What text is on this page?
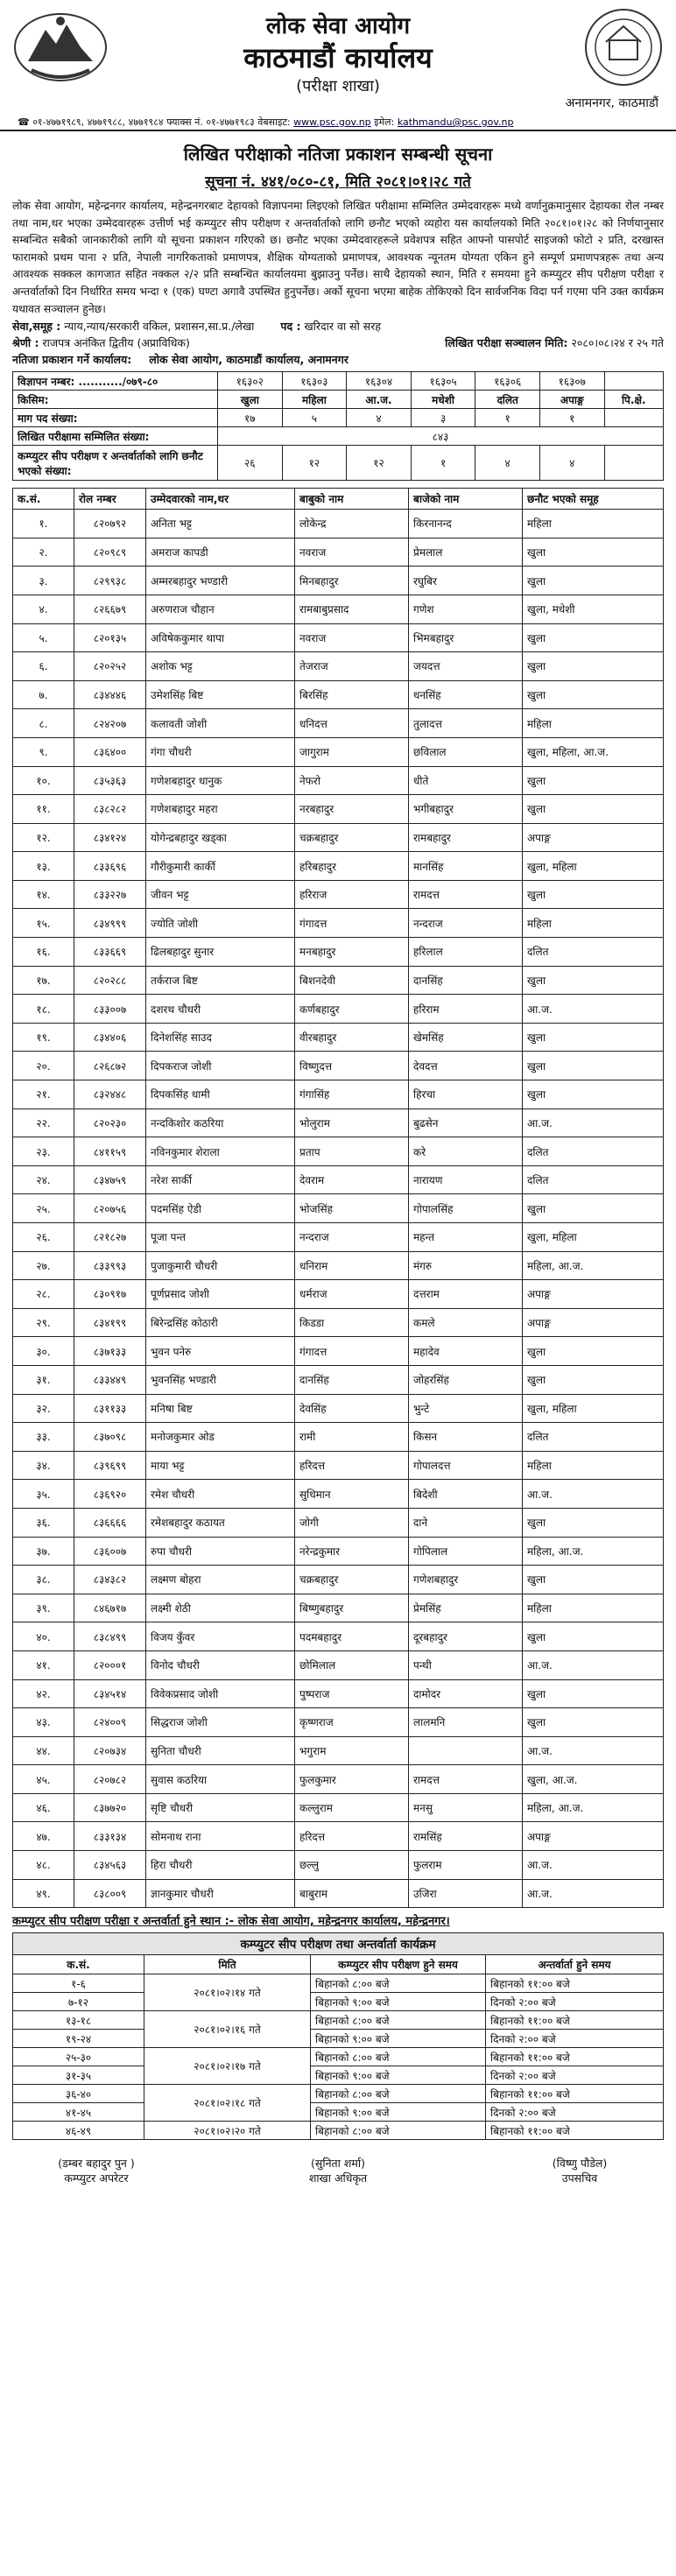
लोक सेवा आयोग
काठमाडौं कार्यालय
(परीक्षा शाखा)
अनामनगर, काठमाडौं
☎ ०१-४७७१९८९, ४७७१९८८, ४७७१९८४ फ्याक्स नं. ०१-४७७१९८३ वेबसाइट: www.psc.gov.np इमेल: kathmandu@psc.gov.np
लिखित परीक्षाको नतिजा प्रकाशन सम्बन्धी सूचना
सूचना नं. ४४१/०८०-८१, मिति २०८१।०१।२८ गते
लोक सेवा आयोग, महेन्द्रनगर कार्यालय, महेन्द्रनगरबाट देहायको विज्ञापनमा लिइएको लिखित परीक्षामा सम्मिलित उम्मेदवारहरू मध्ये वर्णानुक्रमानुसार देहायका रोल नम्बर तथा नाम,थर भएका उम्मेदवारहरू उत्तीर्ण भई कम्प्युटर सीप परीक्षण र अन्तर्वार्ताको लागि छनौट भएको व्यहोरा यस कार्यालयको मिति २०८१।०१।२८ को निर्णयानुसार सम्बन्धित सबैको जानकारीको लागि यो सूचना प्रकाशन गरिएको छ। छनौट भएका उम्मेदवारहरूले प्रवेशपत्र सहित आफ्नो पासपोर्ट साइजको फोटो २ प्रति, दरखास्त फारामको प्रथम पाना २ प्रति, नेपाली नागरिकताको प्रमाणपत्र, शैक्षिक योग्यताको प्रमाणपत्र, आवश्यक न्यूनतम योग्यता एकिन हुने सम्पूर्ण प्रमाणपत्रहरू तथा अन्य आवश्यक सक्कल कागजात सहित नक्कल २/२ प्रति सम्बन्धित कार्यालयमा बुझाउनु पर्नेछ। साथै देहायको स्थान, मिति र समयमा हुने कम्प्युटर सीप परीक्षण परीक्षा र अन्तर्वार्ताको दिन निर्धारित समय भन्दा १ (एक) घण्टा अगावै उपस्थित हुनुपर्नेछ। अर्को सूचना भएमा बाहेक तोकिएको दिन सार्वजनिक विदा पर्न गएमा पनि उक्त कार्यक्रम यथावत सञ्चालन हुनेछ।
सेवा,समूह : न्याय,न्याय/सरकारी वकिल, प्रशासन,सा.प्र./लेखा पद : खरिदार वा सो सरह
श्रेणी : राजपत्र अनंकित द्वितीय (अप्राविधिक)	लिखित परीक्षा सञ्चालन मिति: २०८०।०८।२४ र २५ गते
नतिजा प्रकाशन गर्ने कार्यालय: लोक सेवा आयोग, काठमाडौं कार्यालय, अनामनगर
विज्ञापन नम्बर: .........../०७९-८०	१६३०२	१६३०३	१६३०४	१६३०५	१६३०६	१६३०७	
किसिम:	खुला	महिला	आ.ज.	मधेशी	दलित	अपाङ्ग	पि.क्षे.
माग पद संख्या:	१७	५	४	३	१	१	
लिखित परीक्षामा सम्मिलित संख्या:	८४३						
कम्प्युटर सीप परीक्षण र अन्तर्वार्ताको लागि छनौट भएको संख्या:	२६	१२	१२	१	४	४	
क.सं.	रोल नम्बर	उम्मेदवारको नाम,थर	बाबुको नाम	बाजेको नाम	छनौट भएको समूह
१.	८२०७९२	अनिता भट्ट	लोकेन्द्र	किरनानन्द	महिला
२.	८२०९८९	अमराज कापडी	नवराज	प्रेमलाल	खुला
३.	८२९९३८	अम्मरबहादुर भण्डारी	मिनबहादुर	रघुबिर	खुला
४.	८२६६७९	अरुणराज चौहान	रामबाबुप्रसाद	गणेश	खुला, मधेशी
५.	८२०१३५	अविषेककुमार थापा	नवराज	भिमबहादुर	खुला
६.	८२०२५२	अशोक भट्ट	तेजराज	जयदत्त	खुला
७.	८३४४४६	उमेशसिंह बिष्ट	बिरसिंह	धनसिंह	खुला
८.	८२४२०७	कलावती जोशी	धनिदत्त	तुलादत्त	महिला
९.	८३६४००	गंगा चौधरी	जागुराम	छविलाल	खुला, महिला, आ.ज.
१०.	८३५३६३	गणेशबहादुर धानुक	नेफरो	धीते	खुला
११.	८३८२८२	गणेशबहादुर महरा	नरबहादुर	भगीबहादुर	खुला
१२.	८३४१२४	योगेन्द्रबहादुर खड्का	चक्रबहादुर	रामबहादुर	अपाङ्ग
१३.	८३३६९६	गौरीकुमारी कार्की	हरिबहादुर	मानसिंह	खुला, महिला
१४.	८३३२२७	जीवन भट्ट	हरिराज	रामदत्त	खुला
१५.	८३४९९९	ज्योति जोशी	गंगादत्त	नन्दराज	महिला
१६.	८३३६६९	ढिलबहादुर सुनार	मनबहादुर	हरिलाल	दलित
१७.	८२०२८८	तर्कराज बिष्ट	बिशनदेवी	दानसिंह	खुला
१८.	८३३००७	दशरथ चौधरी	कर्णबहादुर	हरिराम	आ.ज.
१९.	८३४४०६	दिनेशसिंह साउद	वीरबहादुर	खेमसिंह	खुला
२०.	८२६८७२	दिपकराज जोशी	विष्णुदत्त	देवदत्त	खुला
२१.	८३२४४८	दिपकसिंह धामी	गंगासिंह	हिरचा	खुला
२२.	८२०२३०	नन्दकिशोर कठरिया	भोलुराम	बुढसेन	आ.ज.
२३.	८४११५९	नविनकुमार शेराला	प्रताप	करे	दलित
२४.	८३४७५९	नरेश सार्की	देवराम	नारायण	दलित
२५.	८२०७५६	पदमसिंह ऐडी	भोजसिंह	गोपालसिंह	खुला
२६.	८२१८२७	पूजा पन्त	नन्दराज	महन्त	खुला, महिला
२७.	८३३९९३	पुजाकुमारी चौधरी	धनिराम	मंगरु	महिला, आ.ज.
२८.	८३०९१७	पूर्णप्रसाद जोशी	धर्मराज	दत्तराम	अपाङ्ग
२९.	८३४१९९	बिरेन्द्रसिंह कोठारी	किडडा	कमले	अपाङ्ग
३०.	८३७१३३	भुवन पनेरु	गंगादत्त	महादेव	खुला
३१.	८३३४४९	भुवनसिंह भण्डारी	दानसिंह	जोहरसिंह	खुला
३२.	८३११३३	मनिषा बिष्ट	देवसिंह	भुन्टे	खुला, महिला
३३.	८३७०९८	मनोजकुमार ओड	रामी	किसन	दलित
३४.	८३९६९९	माया भट्ट	हरिदत्त	गोपालदत्त	महिला
३५.	८३६९२०	रमेश चौधरी	सुधिमान	बिदेशी	आ.ज.
३६.	८३६६६६	रमेशबहादुर कठायत	जोगी	दाने	खुला
३७.	८३६००७	रुपा चौधरी	नरेन्द्रकुमार	गोपिलाल	महिला, आ.ज.
३८.	८३४३८२	लक्ष्मण बोहरा	चक्रबहादुर	गणेशबहादुर	खुला
३९.	८४६७१७	लक्ष्मी शेठी	बिष्णुबहादुर	प्रेमसिंह	महिला
४०.	८३८४९९	विजय कुँवर	पदमबहादुर	दूरबहादुर	खुला
४१.	८२०००१	विनोद चौधरी	छोमिलाल	पन्थी	आ.ज.
४२.	८३४५१४	विवेकप्रसाद जोशी	पुष्पराज	दामोदर	खुला
४३.	८२४००९	सिद्धराज जोशी	कृष्णराज	लालमनि	खुला
४४.	८२०७३४	सुनिता चौधरी	भगुराम		आ.ज.
४५.	८२०७८२	सुवास कठरिया	फुलकुमार	रामदत्त	खुला, आ.ज.
४६.	८३७७२०	सृष्टि चौधरी	कल्लुराम	मनसु	महिला, आ.ज.
४७.	८३३१३४	सोमनाथ राना	हरिदत्त	रामसिंह	अपाङ्ग
४८.	८३४५६३	हिरा चौधरी	छल्लु	फुलराम	आ.ज.
४९.	८३८००९	ज्ञानकुमार चौधरी	बाबुराम	उजिरा	आ.ज.
कम्प्युटर सीप परीक्षण परीक्षा र अन्तर्वार्ता हुने स्थान :- लोक सेवा आयोग, महेन्द्रनगर कार्यालय, महेन्द्रनगर।
कम्प्युटर सीप परीक्षण तथा अन्तर्वार्ता कार्यक्रम
क.सं.	मिति	कम्प्युटर सीप परीक्षण हुने समय	अन्तर्वार्ता हुने समय
१-६	२०८१।०२।१४ गते	बिहानको ८:०० बजे	बिहानको ११:०० बजे
७-१२		बिहानको ९:०० बजे	दिनको २:०० बजे
१३-१८	२०८१।०२।१६ गते	बिहानको ८:०० बजे	बिहानको ११:०० बजे
१९-२४		बिहानको ९:०० बजे	दिनको २:०० बजे
२५-३०	२०८१।०२।१७ गते	बिहानको ८:०० बजे	बिहानको ११:०० बजे
३१-३५		बिहानको ९:०० बजे	दिनको २:०० बजे
३६-४०	२०८१।०२।१८ गते	बिहानको ८:०० बजे	बिहानको ११:०० बजे
४१-४५		बिहानको ९:०० बजे	दिनको २:०० बजे
४६-४९	२०८१।०२।२० गते	बिहानको ८:०० बजे	बिहानको ११:०० बजे
(डम्बर बहादुर पुन )
कम्प्युटर अपरेटर
(सुनिता शर्मा)
शाखा अधिकृत
(विष्णु पौडेल)
उपसचिव
